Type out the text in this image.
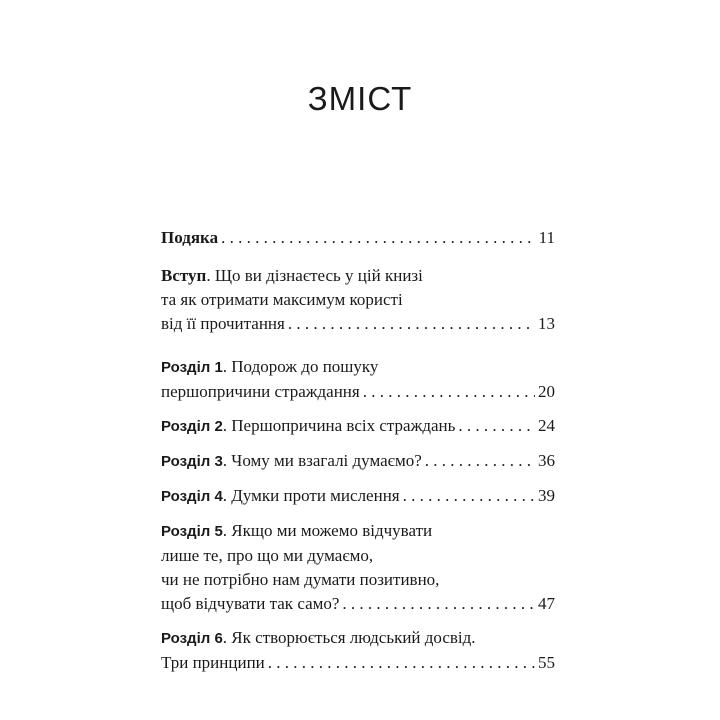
ЗМІСТ
Подяка . . .	11
Вступ. Що ви дізнаєтесь у цій книзі
та як отримати максимум користі
від її прочитання . . .	13
Розділ 1. Подорож до пошуку
першопричини страждання . . .	20
Розділ 2. Першопричина всіх страждань . . .	24
Розділ 3. Чому ми взагалі думаємо? . . .	36
Розділ 4. Думки проти мислення . . .	39
Розділ 5. Якщо ми можемо відчувати
лише те, про що ми думаємо,
чи не потрібно нам думати позитивно,
щоб відчувати так само? . . .	47
Розділ 6. Як створюється людський досвід.
Три принципи . . .	55
